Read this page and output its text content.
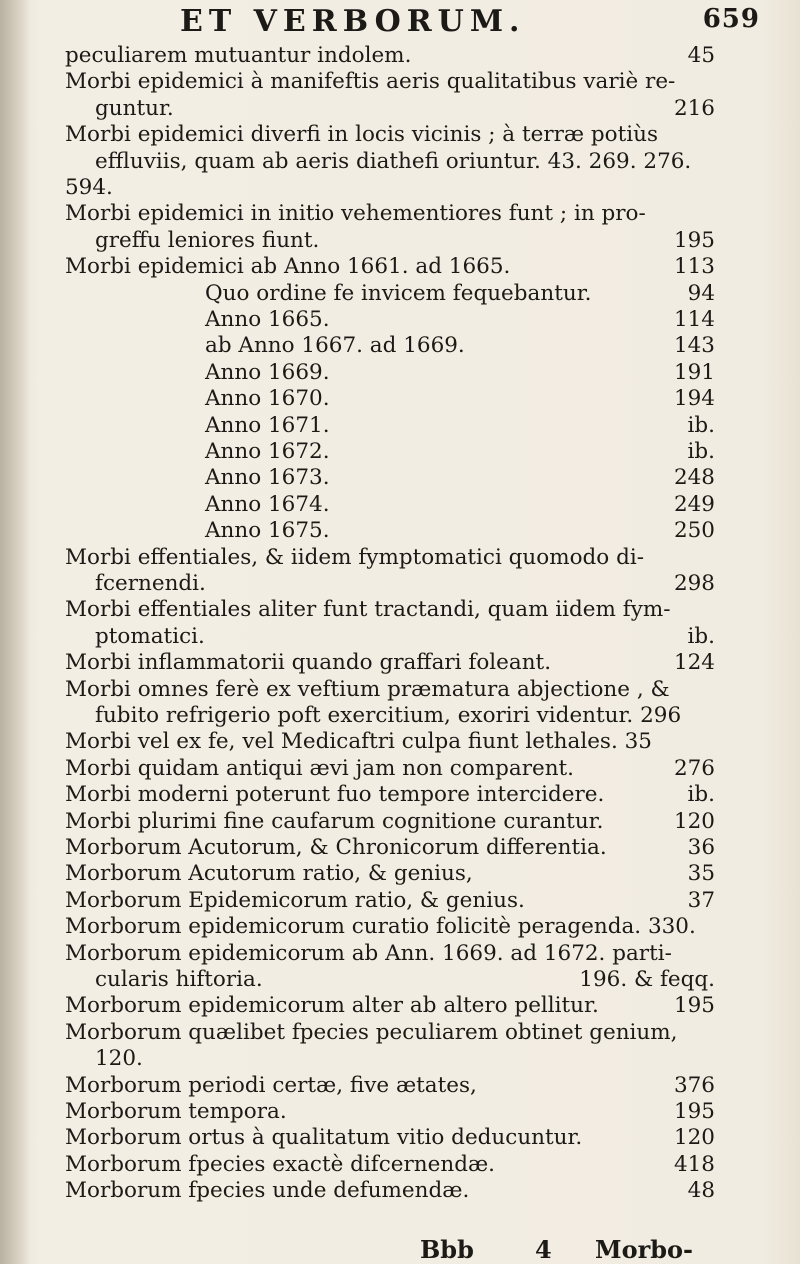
ET VERBORUM.	659
peculiarem mutuantur indolem.	45
Morbi epidemici à manifeftis aeris qualitatibus variè re-
guntur.	216
Morbi epidemici diverfi in locis vicinis ; à terræ potiùs
effluviis, quam ab aeris diathefi oriuntur. 43. 269. 276.
594.
Morbi epidemici in initio vehementiores funt ; in pro-
greffu leniores fiunt.	195
Morbi epidemici ab Anno 1661. ad 1665.	113
Quo ordine fe invicem fequebantur.	94
Anno 1665.	114
ab Anno 1667. ad 1669.	143
Anno 1669.	191
Anno 1670.	194
Anno 1671.	ib.
Anno 1672.	ib.
Anno 1673.	248
Anno 1674.	249
Anno 1675.	250
Morbi effentiales, & iidem fymptomatici quomodo di-
fcernendi.	298
Morbi effentiales aliter funt tractandi, quam iidem fym-
ptomatici.	ib.
Morbi inflammatorii quando graffari foleant.	124
Morbi omnes ferè ex veftium præmatura abjectione , &
fubito refrigerio poft exercitium, exoriri videntur. 296
Morbi vel ex fe, vel Medicaftri culpa fiunt lethales. 35
Morbi quidam antiqui ævi jam non comparent.	276
Morbi moderni poterunt fuo tempore intercidere.	ib.
Morbi plurimi fine caufarum cognitione curantur.	120
Morborum Acutorum, & Chronicorum differentia.	36
Morborum Acutorum ratio, & genius,	35
Morborum Epidemicorum ratio, & genius.	37
Morborum epidemicorum curatio folicitè peragenda. 330.
Morborum epidemicorum ab Ann. 1669. ad 1672. parti-
cularis hiftoria.	196. & feqq.
Morborum epidemicorum alter ab altero pellitur.	195
Morborum quælibet fpecies peculiarem obtinet genium,
120.
Morborum periodi certæ, five ætates,	376
Morborum tempora.	195
Morborum ortus à qualitatum vitio deducuntur.	120
Morborum fpecies exactè difcernendæ.	418
Morborum fpecies unde defumendæ.	48
Bbb	4 Morbo-
